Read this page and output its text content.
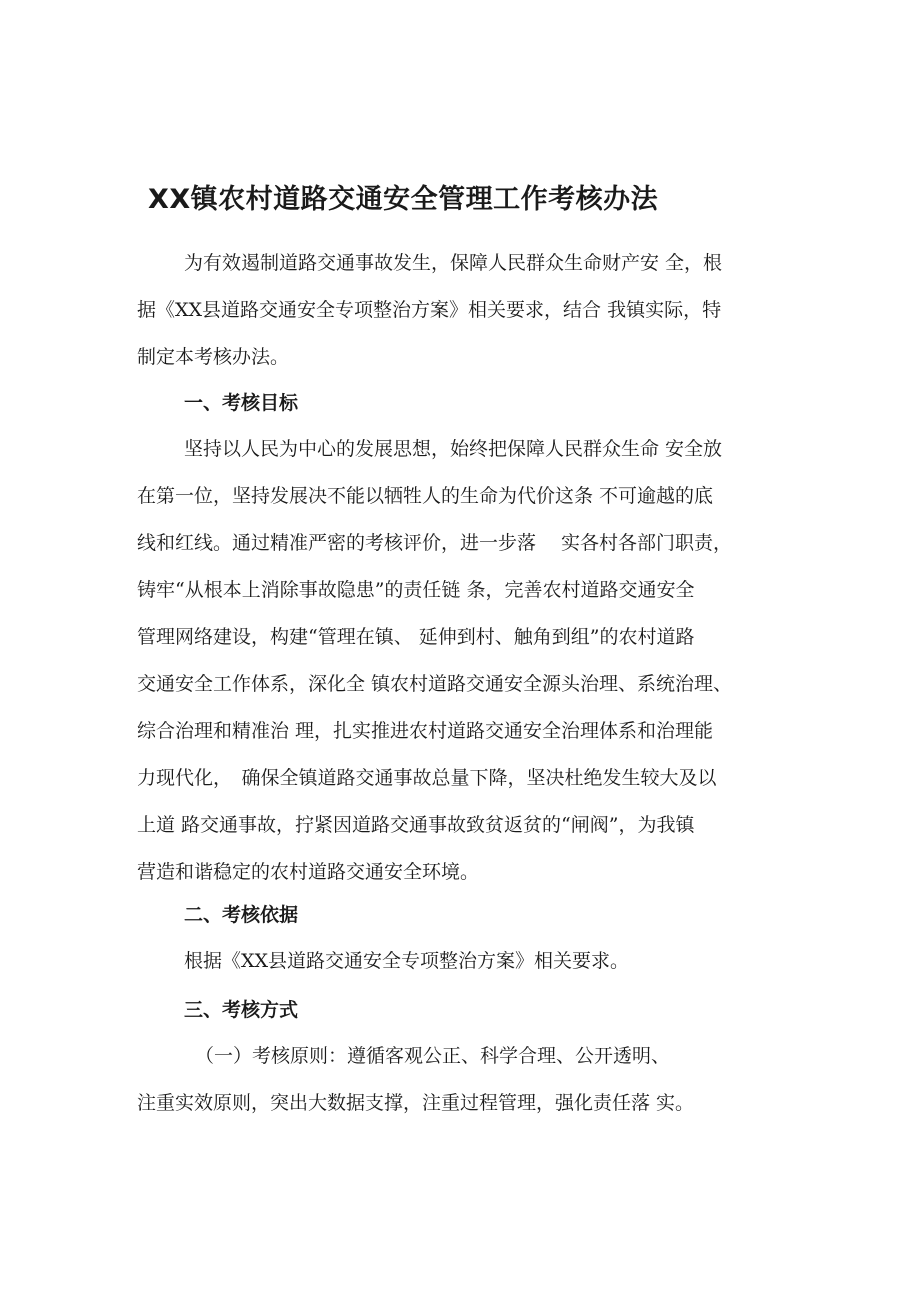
XX镇农村道路交通安全管理工作考核办法
为有效遏制道路交通事故发生，保障人民群众生命财产安 全，根
据《XX县道路交通安全专项整治方案》相关要求，结合 我镇实际，特
制定本考核办法。
一、考核目标
坚持以人民为中心的发展思想，始终把保障人民群众生命 安全放
在第一位，坚持发展决不能以牺牲人的生命为代价这条 不可逾越的底
线和红线。通过精准严密的考核评价，进一步落　 实各村各部门职责，
铸牢“从根本上消除事故隐患”的责任链 条，完善农村道路交通安全
管理网络建设，构建“管理在镇、 延伸到村、触角到组”的农村道路
交通安全工作体系，深化全 镇农村道路交通安全源头治理、系统治理、
综合治理和精准治 理，扎实推进农村道路交通安全治理体系和治理能
力现代化，　确保全镇道路交通事故总量下降，坚决杜绝发生较大及以
上道 路交通事故，拧紧因道路交通事故致贫返贫的“闸阀”，为我镇
营造和谐稳定的农村道路交通安全环境。
二、考核依据
根据《XX县道路交通安全专项整治方案》相关要求。
三、考核方式
（一）考核原则：遵循客观公正、科学合理、公开透明、
注重实效原则，突出大数据支撑，注重过程管理，强化责任落 实。
